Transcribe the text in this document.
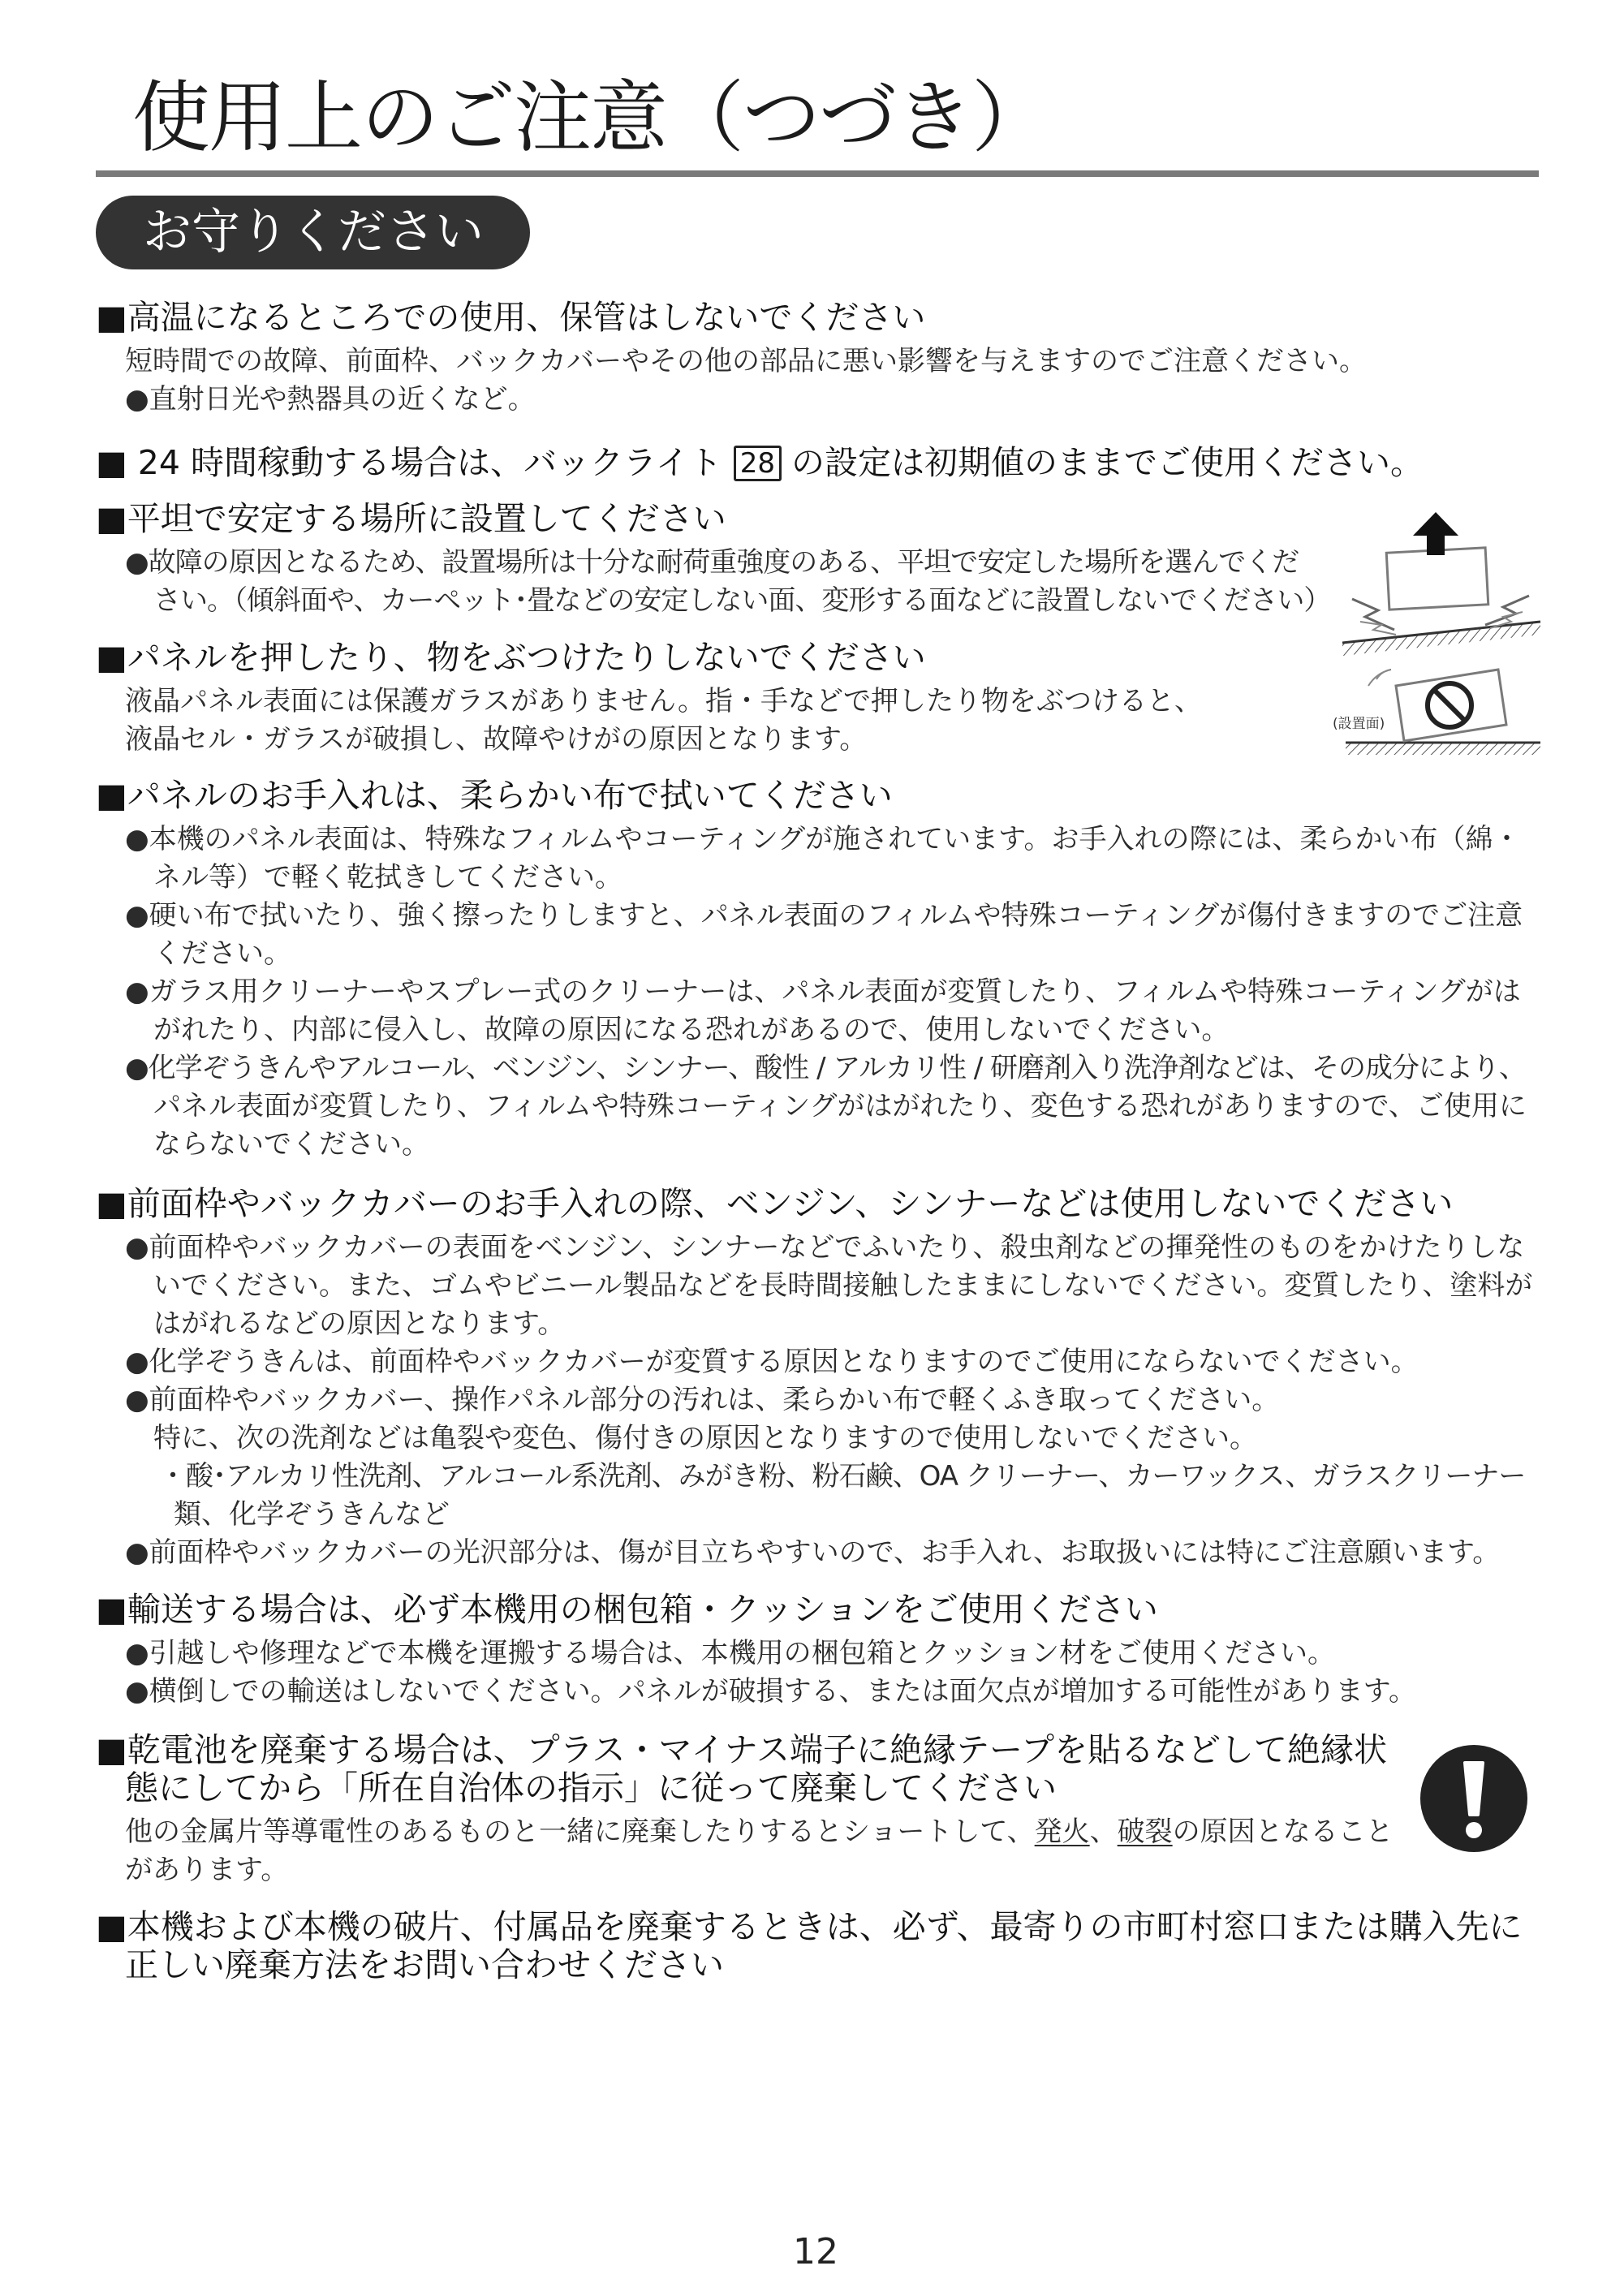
使用上のご注意（つづき）
お守りください
■高温になるところでの使用、保管はしないでください
短時間での故障、前面枠、バックカバーやその他の部品に悪い影響を与えますのでご注意ください。
●直射日光や熱器具の近くなど。
■ 24 時間稼動する場合は、バックライト 28 の設定は初期値のままでご使用ください。
■平坦で安定する場所に設置してください
●故障の原因となるため、設置場所は十分な耐荷重強度のある、平坦で安定した場所を選んでくだ
さい。（傾斜面や、カーペット･畳などの安定しない面、変形する面などに設置しないでください）
■パネルを押したり、物をぶつけたりしないでください
液晶パネル表面には保護ガラスがありません。指・手などで押したり物をぶつけると、
液晶セル・ガラスが破損し、故障やけがの原因となります。
■パネルのお手入れは、柔らかい布で拭いてください
●本機のパネル表面は、特殊なフィルムやコーティングが施されています。お手入れの際には、柔らかい布（綿・
ネル等）で軽く乾拭きしてください。
●硬い布で拭いたり、強く擦ったりしますと、パネル表面のフィルムや特殊コーティングが傷付きますのでご注意
ください。
●ガラス用クリーナーやスプレー式のクリーナーは、パネル表面が変質したり、フィルムや特殊コーティングがは
がれたり、内部に侵入し、故障の原因になる恐れがあるので、使用しないでください。
●化学ぞうきんやアルコール、ベンジン、シンナー、酸性 / アルカリ性 / 研磨剤入り洗浄剤などは、その成分により、
パネル表面が変質したり、フィルムや特殊コーティングがはがれたり、変色する恐れがありますので、ご使用に
ならないでください。
■前面枠やバックカバーのお手入れの際、ベンジン、シンナーなどは使用しないでください
●前面枠やバックカバーの表面をベンジン、シンナーなどでふいたり、殺虫剤などの揮発性のものをかけたりしな
いでください。また、ゴムやビニール製品などを長時間接触したままにしないでください。変質したり、塗料が
はがれるなどの原因となります。
●化学ぞうきんは、前面枠やバックカバーが変質する原因となりますのでご使用にならないでください。
●前面枠やバックカバー、操作パネル部分の汚れは、柔らかい布で軽くふき取ってください。
特に、次の洗剤などは亀裂や変色、傷付きの原因となりますので使用しないでください。
・酸･アルカリ性洗剤、アルコール系洗剤、みがき粉、粉石鹸、OA クリーナー、カーワックス、ガラスクリーナー
類、化学ぞうきんなど
●前面枠やバックカバーの光沢部分は、傷が目立ちやすいので、お手入れ、お取扱いには特にご注意願います。
■輸送する場合は、必ず本機用の梱包箱・クッションをご使用ください
●引越しや修理などで本機を運搬する場合は、本機用の梱包箱とクッション材をご使用ください。
●横倒しでの輸送はしないでください。パネルが破損する、または面欠点が増加する可能性があります。
■乾電池を廃棄する場合は、プラス・マイナス端子に絶縁テープを貼るなどして絶縁状
態にしてから「所在自治体の指示」に従って廃棄してください
他の金属片等導電性のあるものと一緒に廃棄したりするとショートして、発火、破裂の原因となること
があります。
■本機および本機の破片、付属品を廃棄するときは、必ず、最寄りの市町村窓口または購入先に
正しい廃棄方法をお問い合わせください
(設置面)
12
